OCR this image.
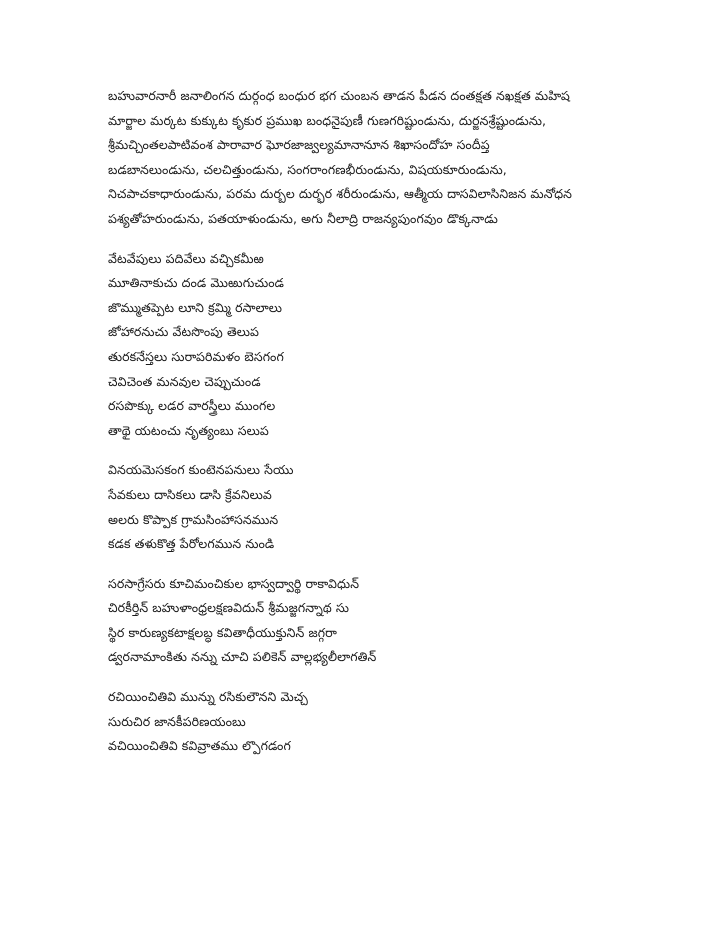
బహువారనారీ జనాలింగన దుర్గంధ బంధుర భగ చుంబన తాడన పీడన దంతక్షత నఖక్షత మహిష
మార్జాల మర్కట కుక్కుట కృకుర ప్రముఖ బంధనైపుణీ గుణగరిష్టుండును, దుర్జనశ్రేష్టుండును,
శ్రీమచ్చింతలపాటివంశ పారావార ఘోరజాజ్వల్యమానానూన శిఖాసందోహ సందీప్త
బడబానలుండును, చలచిత్తుండును, సంగరాంగణభీరుండును, విషయకూరుండును,
నిచపాచకాధారుండును, పరమ దుర్బల దుర్భర శరీరుండును, ఆత్మీయ దాసవిలాసినిజన మనోధన
పశ్యతోహరుండును, పతయాళుండును, అగు నీలాద్రి రాజన్యపుంగవుం డొక్కనాడు
వేటవేపులు పదివేలు వచ్చికమీఱ
మూతినాకుచు దండ మొఱుగుచుండ
జొమ్ముతప్పెట లూని క్రమ్మి రసాలాలు
జోహారనుచు వేటసొంపు తెలుప
తురకనేస్తలు సురాపరిమళం బెసగంగ
చెవిచెంత మనవుల చెప్పుచుండ
రసపొక్కు లడర వారస్త్రీలు ముంగల
తాథై యటంచు నృత్యంబు సలుప
వినయమెసకంగ కుంటెనపనులు సేయు
సేవకులు దాసికలు డాసి క్రేవనిలువ
అలరు కొప్పాక గ్రామసింహాసనమున
కడక తళుకొత్త పేరోలగమున నుండి
సరసాగ్రేసరు కూచిమంచికుల భాస్వద్వార్థి రాకావిధున్
చిరకీర్తిన్ బహుళాంధ్రలక్షణవిదున్ శ్రీమజ్జగన్నాథ సు
స్థిర కారుణ్యకటాక్షలబ్ధ కవితాధీయుక్తునిన్ జగ్గరా
డ్వరనామాంకితు నన్ను చూచి పలికెన్ వాల్లభ్యలీలాగతిన్
రచియించితివి మున్ను రసికులౌనని మెచ్చ
సురుచిర జానకీపరిణయంబు
వచియించితివి కవివ్రాతము ల్పొగడంగ
